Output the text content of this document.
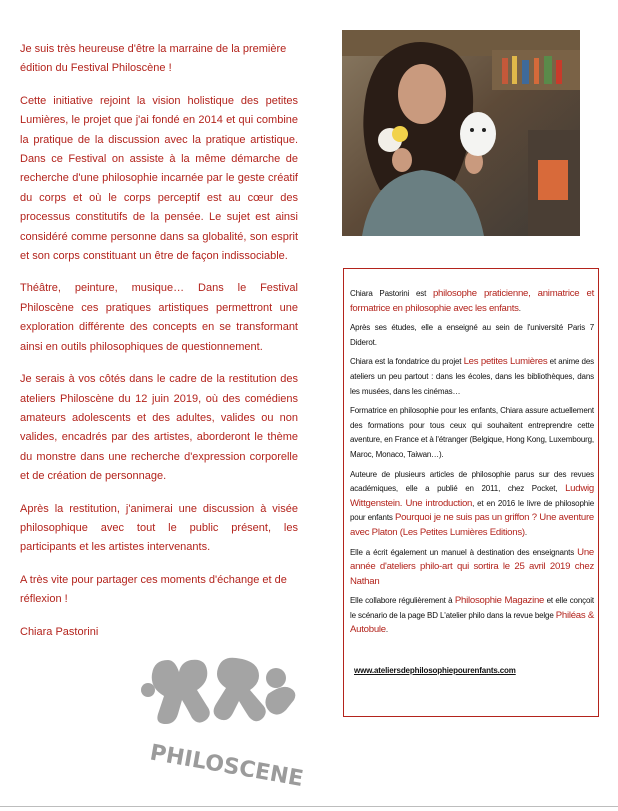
Je suis très heureuse d'être la marraine de la première édition du Festival Philoscène !

Cette initiative rejoint la vision holistique des petites Lumières, le projet que j'ai fondé en 2014 et qui combine la pratique de la discussion avec la pratique artistique. Dans ce Festival on assiste à la même démarche de recherche d'une philosophie incarnée par le geste créatif du corps et où le corps perceptif est au cœur des processus constitutifs de la pensée. Le sujet est ainsi considéré comme personne dans sa globalité, son esprit et son corps constituant un être de façon indissociable.

Théâtre, peinture, musique… Dans le Festival Philoscène ces pratiques artistiques permettront une exploration différente des concepts en se transformant ainsi en outils philosophiques de questionnement.

Je serais à vos côtés dans le cadre de la restitution des ateliers Philoscène du 12 juin 2019, où des comédiens amateurs adolescents et des adultes, valides ou non valides, encadrés par des artistes, aborderont le thème du monstre dans une recherche d'expression corporelle et de création de personnage.

Après la restitution, j'animerai une discussion à visée philosophique avec tout le public présent, les participants et les artistes intervenants.

A très vite pour partager ces moments d'échange et de réflexion !

Chiara Pastorini

PHILOSCENE

Chiara Pastorini est philosophe praticienne, animatrice et formatrice en philosophie avec les enfants.

Après ses études, elle a enseigné au sein de l'université Paris 7 Diderot.

Chiara est la fondatrice du projet Les petites Lumières et anime des ateliers un peu partout : dans les écoles, dans les bibliothèques, dans les musées, dans les cinémas…

Formatrice en philosophie pour les enfants, Chiara assure actuellement des formations pour tous ceux qui souhaitent entreprendre cette aventure, en France et à l'étranger (Belgique, Hong Kong, Luxembourg, Maroc, Monaco, Taiwan…).

Auteure de plusieurs articles de philosophie parus sur des revues académiques, elle a publié en 2011, chez Pocket, Ludwig Wittgenstein. Une introduction, et en 2016 le livre de philosophie pour enfants Pourquoi je ne suis pas un griffon ? Une aventure avec Platon (Les Petites Lumières Editions).

Elle a écrit également un manuel à destination des enseignants Une année d'ateliers philo-art qui sortira le 25 avril 2019 chez Nathan

Elle collabore régulièrement à Philosophie Magazine et elle conçoit le scénario de la page BD L'atelier philo dans la revue belge Philéas & Autobule.

www.ateliersdephilosophiepourenfants.com
